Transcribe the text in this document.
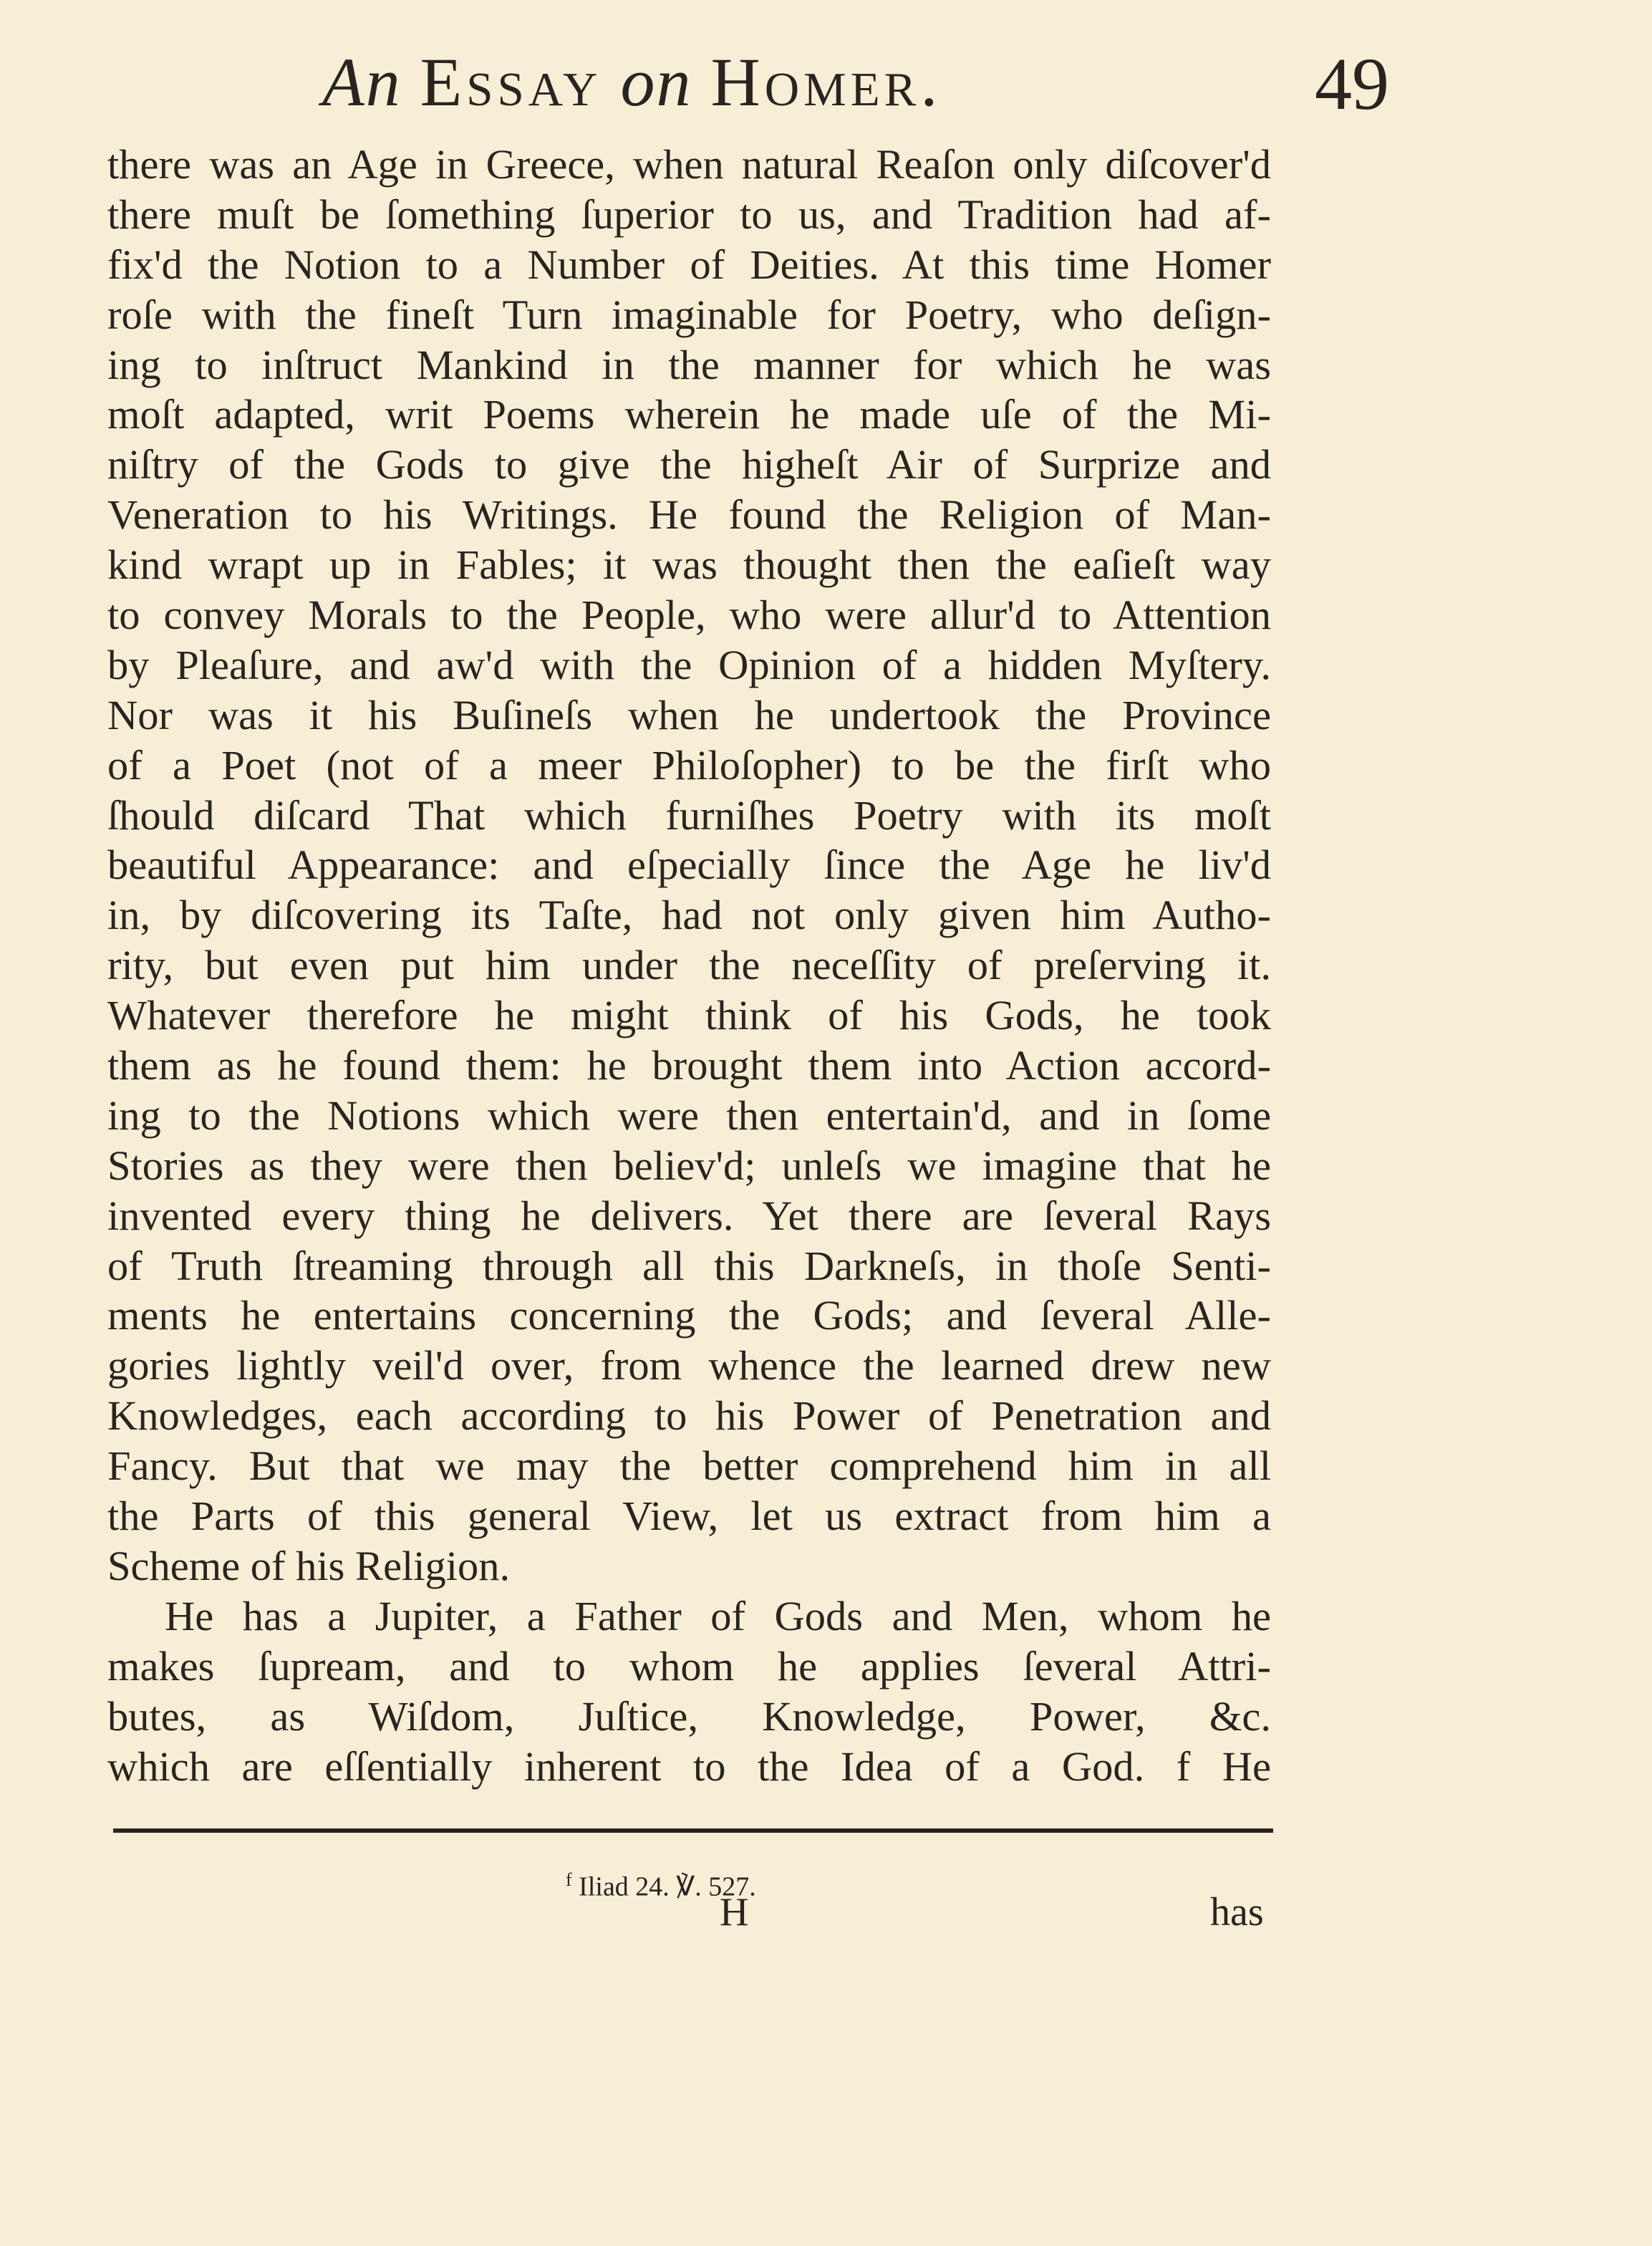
An Essay on Homer.	49
there was an Age in Greece, when natural Reaſon only diſcover'd
there muſt be ſomething ſuperior to us, and Tradition had af-
fix'd the Notion to a Number of Deities. At this time Homer
roſe with the fineſt Turn imaginable for Poetry, who deſign-
ing to inſtruct Mankind in the manner for which he was
moſt adapted, writ Poems wherein he made uſe of the Mi-
niſtry of the Gods to give the higheſt Air of Surprize and
Veneration to his Writings. He found the Religion of Man-
kind wrapt up in Fables; it was thought then the eaſieſt way
to convey Morals to the People, who were allur'd to Attention
by Pleaſure, and aw'd with the Opinion of a hidden Myſtery.
Nor was it his Buſineſs when he undertook the Province
of a Poet (not of a meer Philoſopher) to be the firſt who
ſhould diſcard That which furniſhes Poetry with its moſt
beautiful Appearance: and eſpecially ſince the Age he liv'd
in, by diſcovering its Taſte, had not only given him Autho-
rity, but even put him under the neceſſity of preſerving it.
Whatever therefore he might think of his Gods, he took
them as he found them: he brought them into Action accord-
ing to the Notions which were then entertain'd, and in ſome
Stories as they were then believ'd; unleſs we imagine that he
invented every thing he delivers. Yet there are ſeveral Rays
of Truth ſtreaming through all this Darkneſs, in thoſe Senti-
ments he entertains concerning the Gods; and ſeveral Alle-
gories lightly veil'd over, from whence the learned drew new
Knowledges, each according to his Power of Penetration and
Fancy. But that we may the better comprehend him in all
the Parts of this general View, let us extract from him a
Scheme of his Religion.
He has a Jupiter, a Father of Gods and Men, whom he
makes ſupream, and to whom he applies ſeveral Attri-
butes, as Wiſdom, Juſtice, Knowledge, Power, &c.
which are eſſentially inherent to the Idea of a God. f He
$^f$ Iliad 24. ℣. 527.
H	has
